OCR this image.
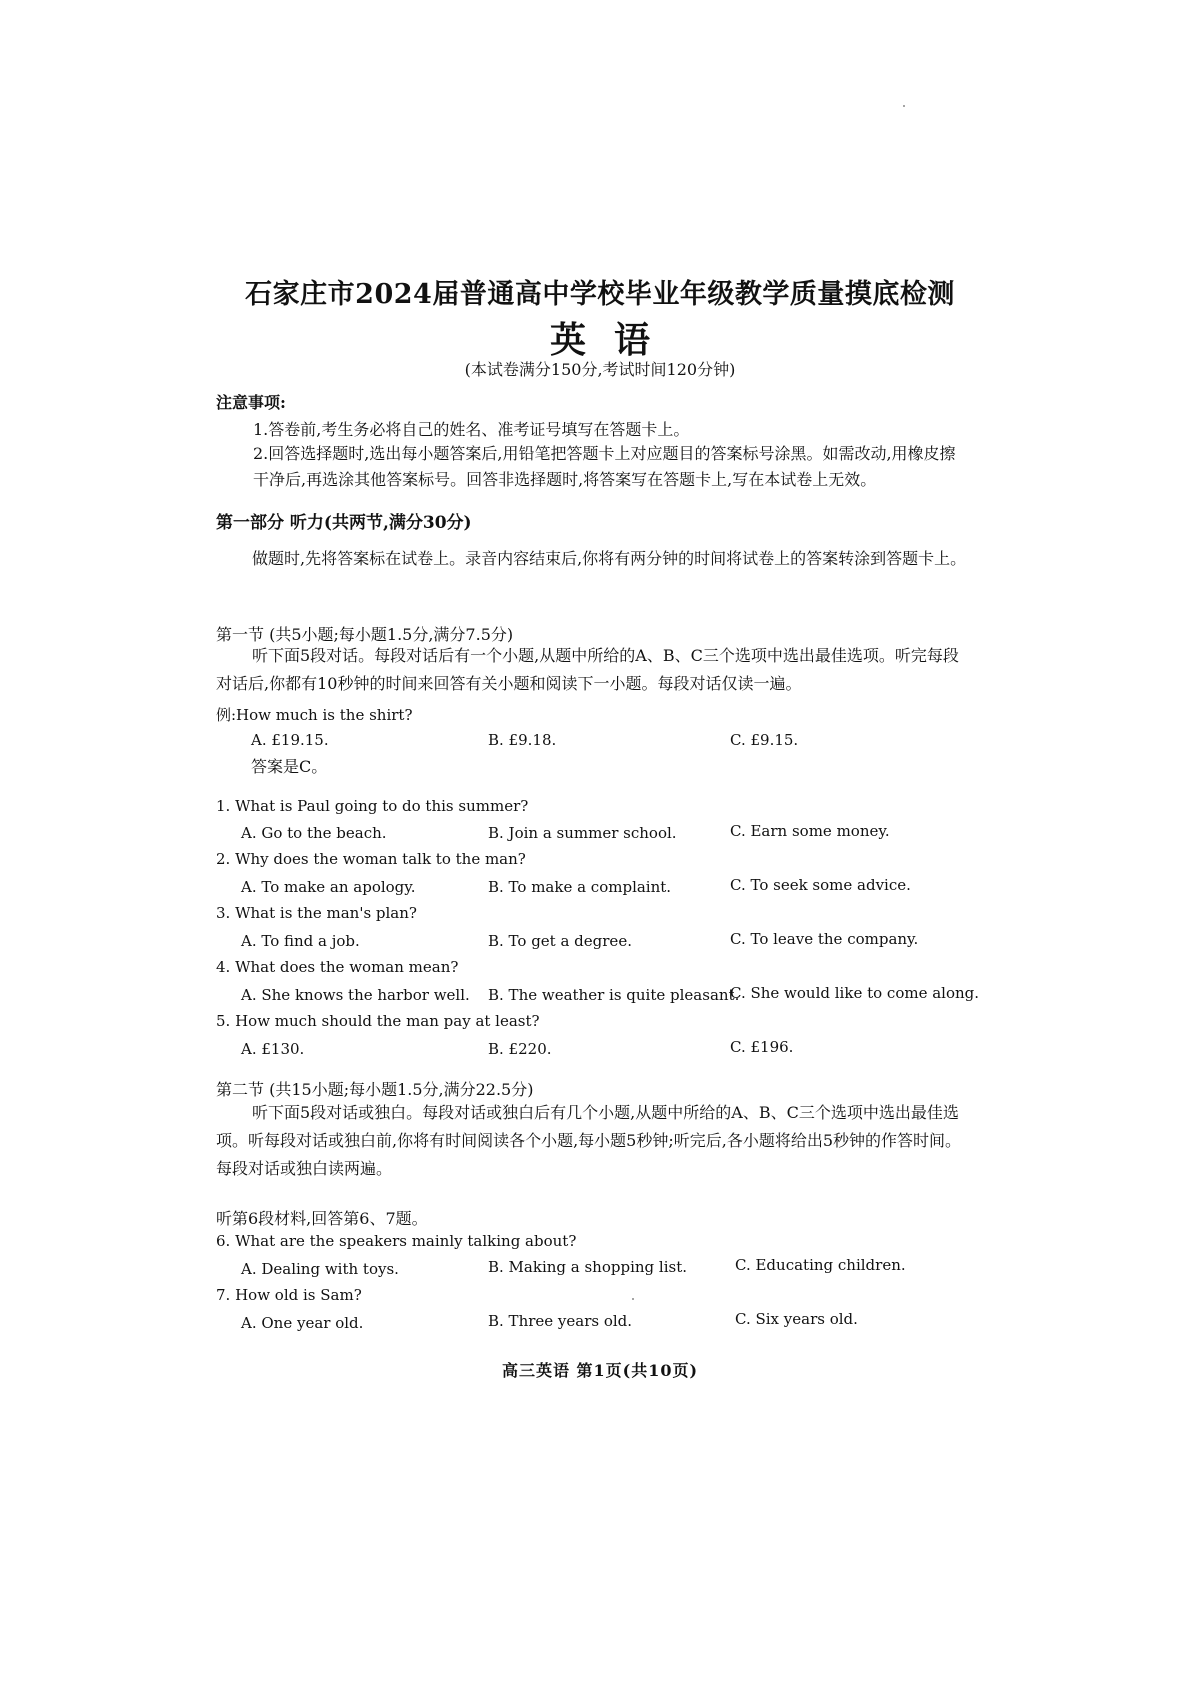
石家庄市2024届普通高中学校毕业年级教学质量摸底检测
英语
(本试卷满分150分,考试时间120分钟)
注意事项:
1.答卷前,考生务必将自己的姓名、准考证号填写在答题卡上。
2.回答选择题时,选出每小题答案后,用铅笔把答题卡上对应题目的答案标号涂黑。如需改动,用橡皮擦干净后,再选涂其他答案标号。回答非选择题时,将答案写在答题卡上,写在本试卷上无效。
第一部分 听力(共两节,满分30分)
做题时,先将答案标在试卷上。录音内容结束后,你将有两分钟的时间将试卷上的答案转涂到答题卡上。
第一节 (共5小题;每小题1.5分,满分7.5分)
听下面5段对话。每段对话后有一个小题,从题中所给的A、B、C三个选项中选出最佳选项。听完每段对话后,你都有10秒钟的时间来回答有关小题和阅读下一小题。每段对话仅读一遍。
例:How much is the shirt?
A. £19.15.	B. £9.18.	C. £9.15.
答案是C。
1. What is Paul going to do this summer?
A. Go to the beach.	B. Join a summer school.	C. Earn some money.
2. Why does the woman talk to the man?
A. To make an apology.	B. To make a complaint.	C. To seek some advice.
3. What is the man's plan?
A. To find a job.	B. To get a degree.	C. To leave the company.
4. What does the woman mean?
A. She knows the harbor well. B. The weather is quite pleasant.
C. She would like to come along.
5. How much should the man pay at least?
A. £130.	B. £220.	C. £196.
第二节 (共15小题;每小题1.5分,满分22.5分)
听下面5段对话或独白。每段对话或独白后有几个小题,从题中所给的A、B、C三个选项中选出最佳选项。听每段对话或独白前,你将有时间阅读各个小题,每小题5秒钟;听完后,各小题将给出5秒钟的作答时间。每段对话或独白读两遍。
听第6段材料,回答第6、7题。
6. What are the speakers mainly talking about?
A. Dealing with toys.	B. Making a shopping list.	C. Educating children.
7. How old is Sam?
A. One year old.	B. Three years old.	C. Six years old.
高三英语 第1页(共10页)
